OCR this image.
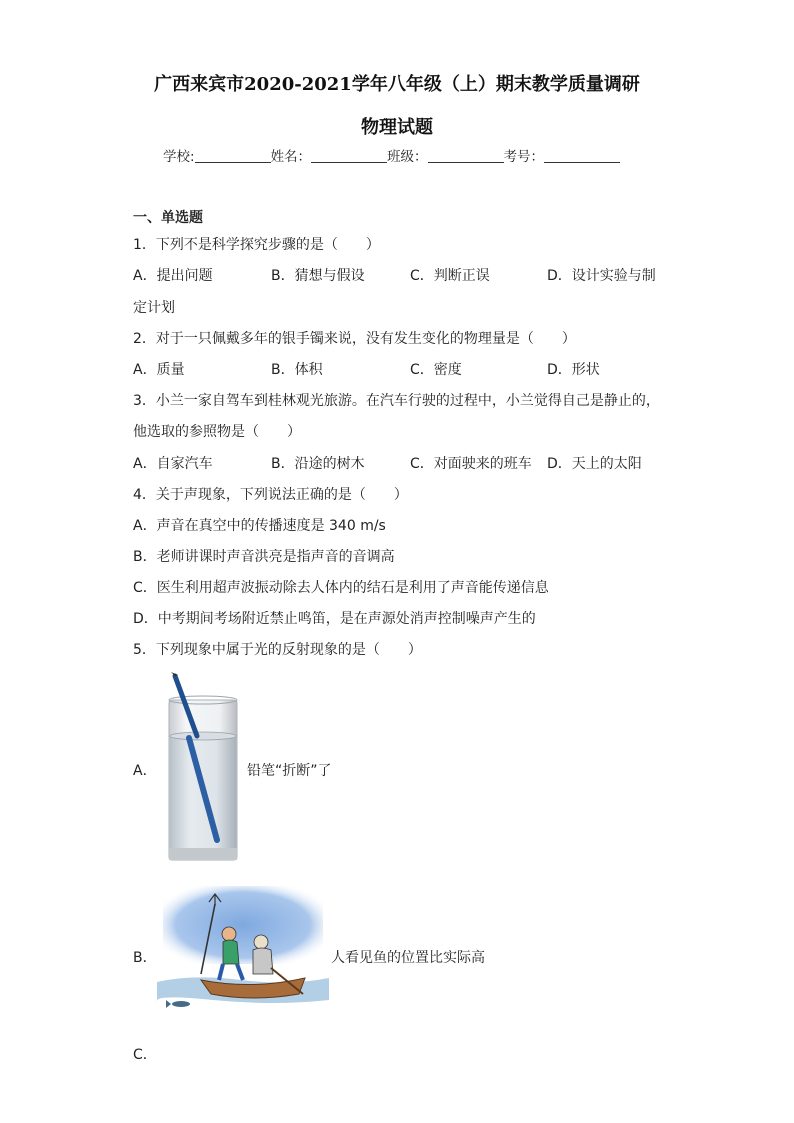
广西来宾市2020-2021学年八年级（上）期末教学质量调研
物理试题
学校:	姓名：	班级：	考号：
一、单选题
1．下列不是科学探究步骤的是（　　）
A．提出问题	B．猜想与假设	C．判断正误	D．设计实验与制
定计划
2．对于一只佩戴多年的银手镯来说，没有发生变化的物理量是（　　）
A．质量	B．体积	C．密度	D．形状
3．小兰一家自驾车到桂林观光旅游。在汽车行驶的过程中，小兰觉得自己是静止的，
他选取的参照物是（　　）
A．自家汽车	B．沿途的树木	C．对面驶来的班车 D．天上的太阳
4．关于声现象，下列说法正确的是（　　）
A．声音在真空中的传播速度是 340 m/s
B．老师讲课时声音洪亮是指声音的音调高
C．医生利用超声波振动除去人体内的结石是利用了声音能传递信息
D．中考期间考场附近禁止鸣笛，是在声源处消声控制噪声产生的
5．下列现象中属于光的反射现象的是（　　）
A．	铅笔“折断”了
B．	人看见鱼的位置比实际高
C．
